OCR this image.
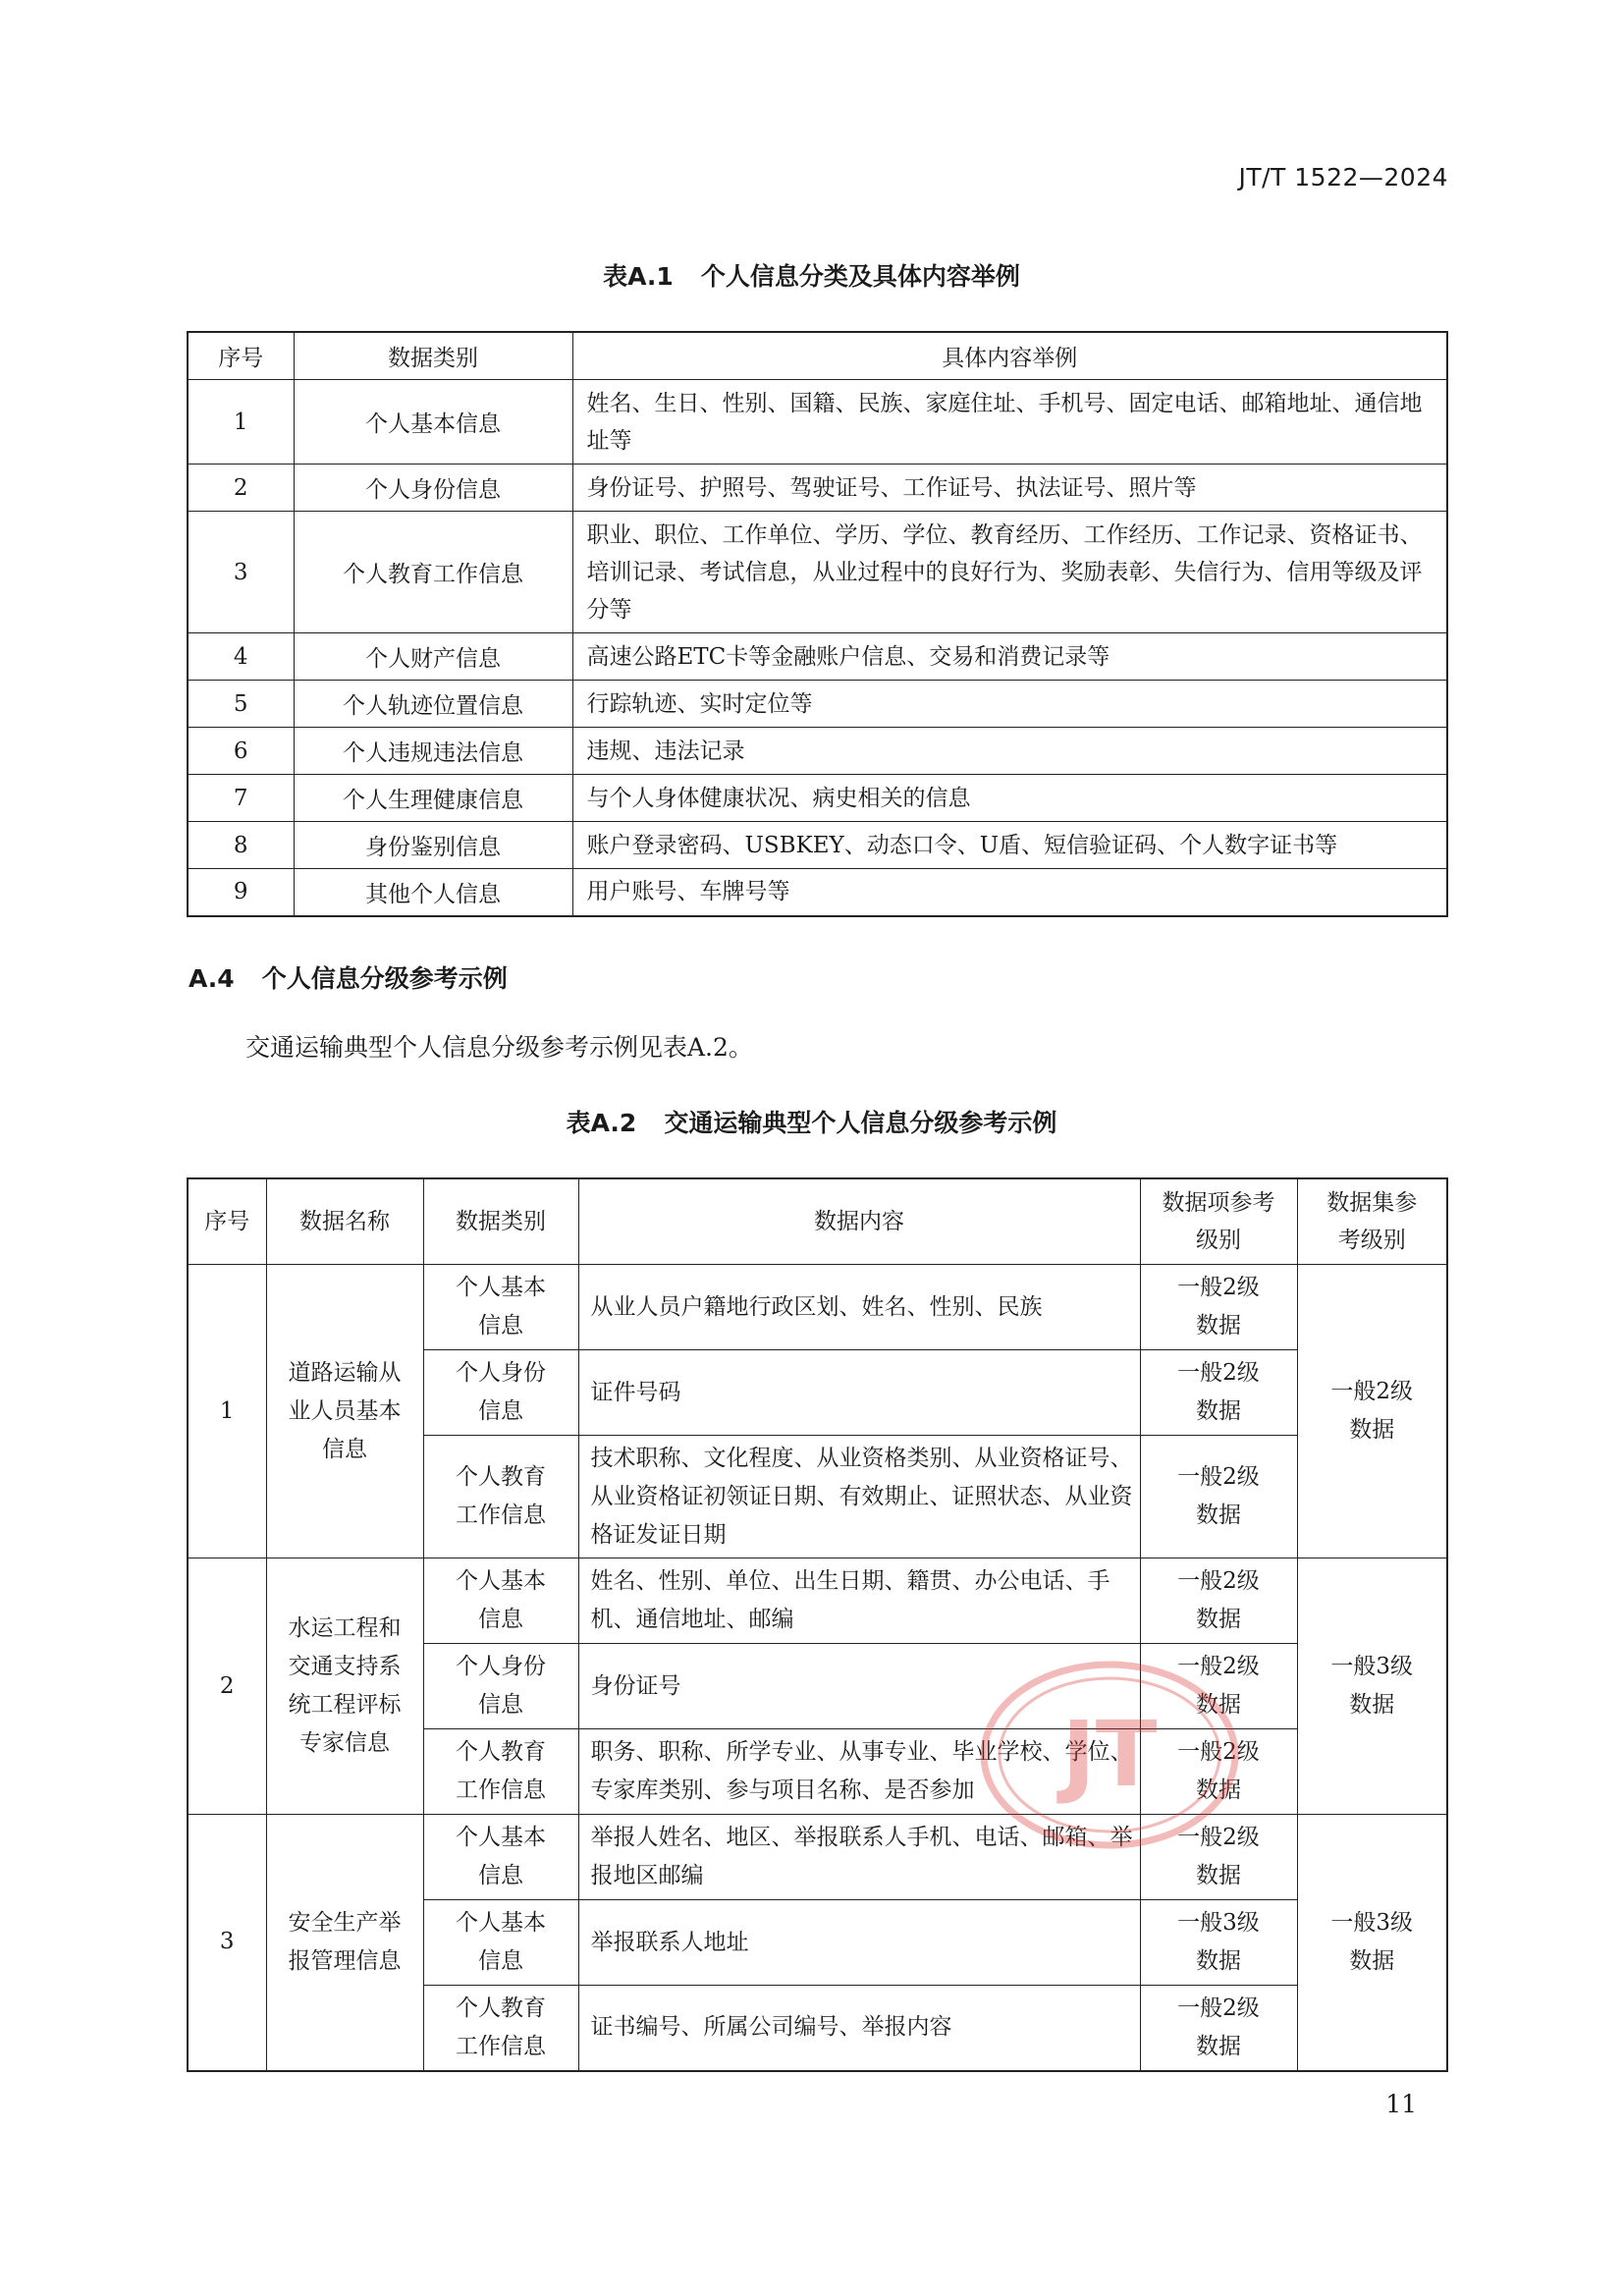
JT/T 1522—2024
表A.1 个人信息分类及具体内容举例
序号	数据类别	具体内容举例
1	个人基本信息	姓名、生日、性别、国籍、民族、家庭住址、手机号、固定电话、邮箱地址、通信地址等
2	个人身份信息	身份证号、护照号、驾驶证号、工作证号、执法证号、照片等
3	个人教育工作信息	职业、职位、工作单位、学历、学位、教育经历、工作经历、工作记录、资格证书、培训记录、考试信息，从业过程中的良好行为、奖励表彰、失信行为、信用等级及评分等
4	个人财产信息	高速公路ETC卡等金融账户信息、交易和消费记录等
5	个人轨迹位置信息	行踪轨迹、实时定位等
6	个人违规违法信息	违规、违法记录
7	个人生理健康信息	与个人身体健康状况、病史相关的信息
8	身份鉴别信息	账户登录密码、USBKEY、动态口令、U盾、短信验证码、个人数字证书等
9	其他个人信息	用户账号、车牌号等
A.4 个人信息分级参考示例
交通运输典型个人信息分级参考示例见表A.2。
表A.2 交通运输典型个人信息分级参考示例
序号	数据名称	数据类别	数据内容	数据项参考级别	数据集参考级别
1	道路运输从业人员基本信息	个人基本信息	从业人员户籍地行政区划、姓名、性别、民族	一般2级数据	一般2级数据
		个人身份信息	证件号码	一般2级数据	
		个人教育工作信息	技术职称、文化程度、从业资格类别、从业资格证号、从业资格证初领证日期、有效期止、证照状态、从业资格证发证日期	一般2级数据	
2	水运工程和交通支持系统工程评标专家信息	个人基本信息	姓名、性别、单位、出生日期、籍贯、办公电话、手机、通信地址、邮编	一般2级数据	一般3级数据
		个人身份信息	身份证号	一般2级数据	
		个人教育工作信息	职务、职称、所学专业、从事专业、毕业学校、学位、专家库类别、参与项目名称、是否参加	一般2级数据	
3	安全生产举报管理信息	个人基本信息	举报人姓名、地区、举报联系人手机、电话、邮箱、举报地区邮编	一般2级数据	一般3级数据
		个人基本信息	举报联系人地址	一般3级数据	
		个人教育工作信息	证书编号、所属公司编号、举报内容	一般2级数据	
JT
11
